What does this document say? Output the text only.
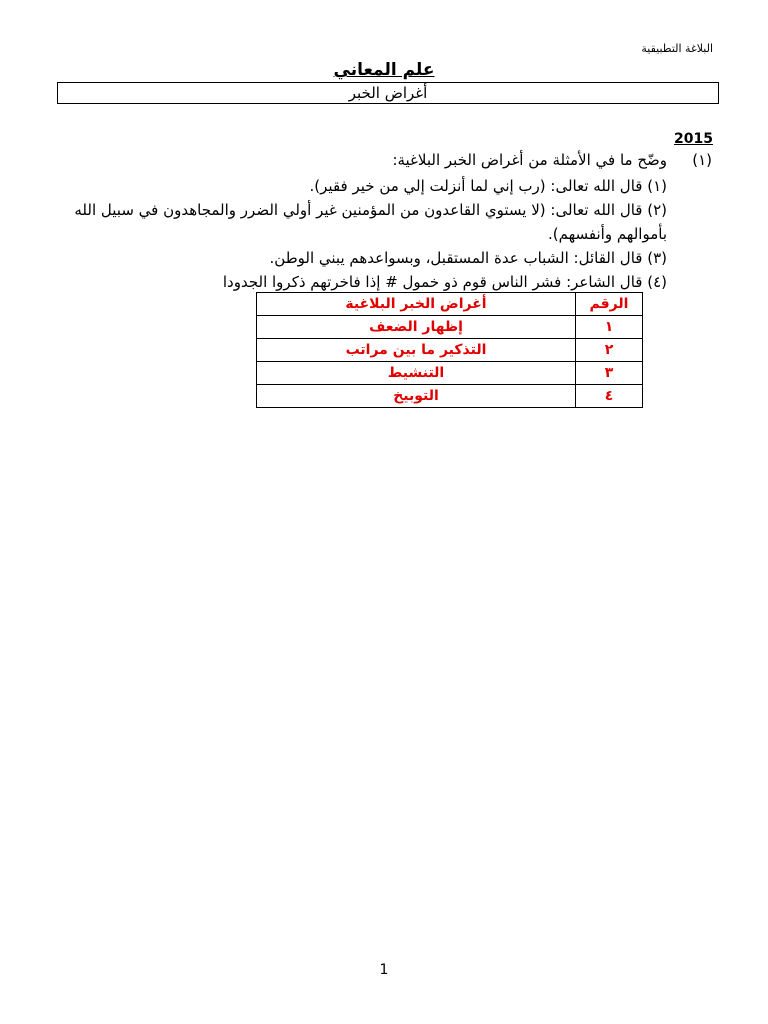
البلاغة التطبيقية
علم المعاني
أغراض الخبر
2015
(١)
وضّح ما في الأمثلة من أغراض الخبر البلاغية:

(١) قال الله تعالى: (رب إني لما أنزلت إلي من خير فقير).

(٢) قال الله تعالى: (لا يستوي القاعدون من المؤمنين غير أولي الضرر والمجاهدون في سبيل الله بأموالهم وأنفسهم).

(٣) قال القائل: الشباب عدة المستقبل، وبسواعدهم يبني الوطن.

(٤) قال الشاعر: فشر الناس قوم ذو خمول # إذا فاخرتهم ذكروا الجدودا

الرقم	أغراض الخبر البلاغية
١	إظهار الضعف
٢	التذكير ما بين مراتب
٣	التنشيط
٤	التوبيخ
1
